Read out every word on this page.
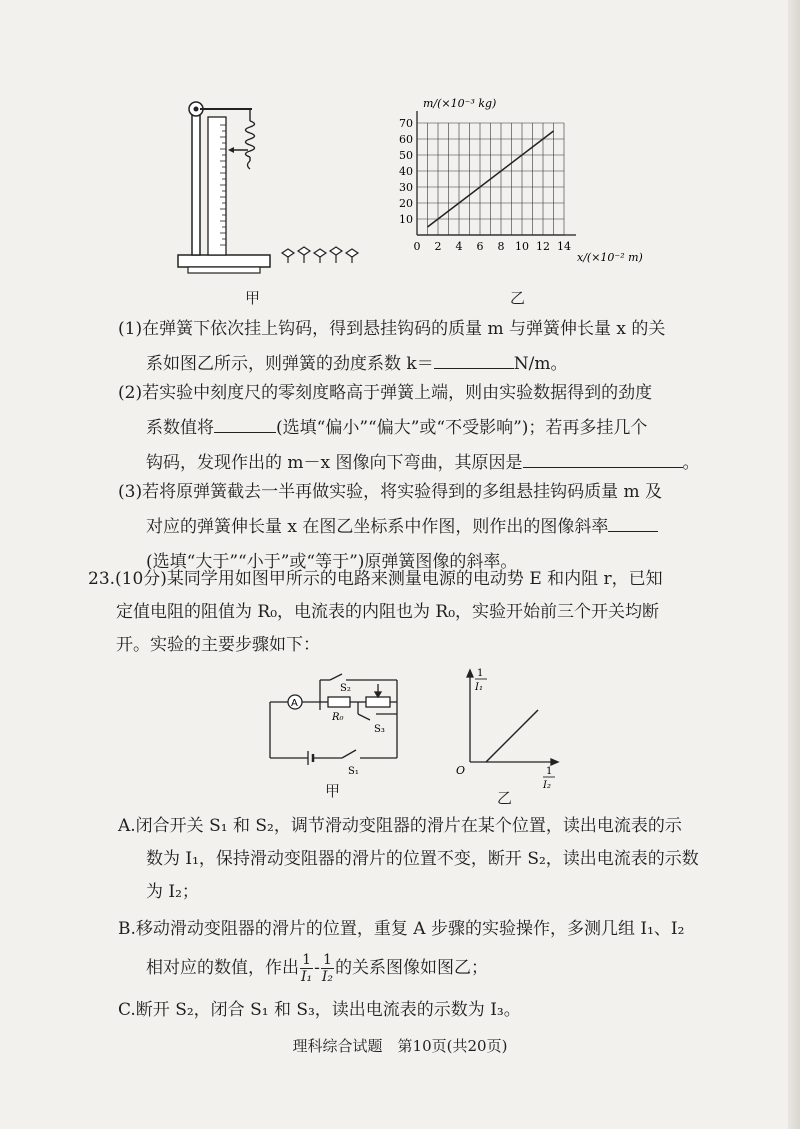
甲
m/(×10⁻³ kg)
x/(×10⁻² m)
10
20
30
40
50
60
70
0 2 4 6 8 10 12 14
乙
(1)在弹簧下依次挂上钩码，得到悬挂钩码的质量 m 与弹簧伸长量 x 的关
系如图乙所示，则弹簧的劲度系数 k＝	N/m。
(2)若实验中刻度尺的零刻度略高于弹簧上端，则由实验数据得到的劲度
系数值将	(选填“偏小”“偏大”或“不受影响”)；若再多挂几个
钩码，发现作出的 m－x 图像向下弯曲，其原因是	。
(3)若将原弹簧截去一半再做实验，将实验得到的多组悬挂钩码质量 m 及
对应的弹簧伸长量 x 在图乙坐标系中作图，则作出的图像斜率
(选填“大于”“小于”或“等于”)原弹簧图像的斜率。
23.(10分)某同学用如图甲所示的电路来测量电源的电动势 E 和内阻 r，已知
定值电阻的阻值为 R₀，电流表的内阻也为 R₀，实验开始前三个开关均断
开。实验的主要步骤如下：
A
S₂
R₀
S₃
S₁
甲
1
I₁
O	1
I₂
乙
A.闭合开关 S₁ 和 S₂，调节滑动变阻器的滑片在某个位置，读出电流表的示
数为 I₁，保持滑动变阻器的滑片的位置不变，断开 S₂，读出电流表的示数
为 I₂；
B.移动滑动变阻器的滑片的位置，重复 A 步骤的实验操作，多测几组 I₁、I₂
相对应的数值，作出 $\frac{1}{\text{I₁}} - \frac{1}{\text{I₂}}$ 的关系图像如图乙；
C.断开 S₂，闭合 S₁ 和 S₃，读出电流表的示数为 I₃。
理科综合试题　第10页(共20页)
